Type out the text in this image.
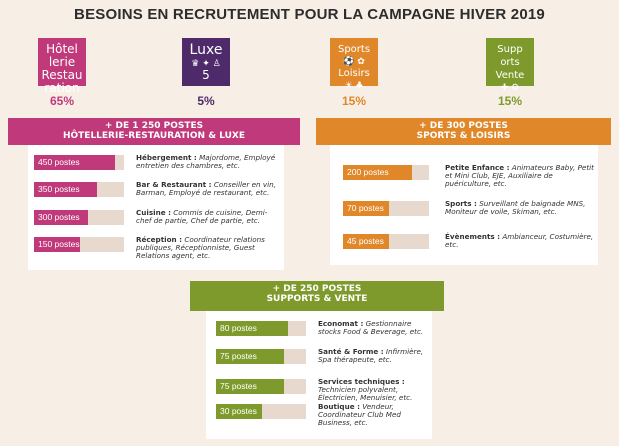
BESOINS EN RECRUTEMENT POUR LA CAMPAGNE HIVER 2019
Hôtel
lerie
Restau
ration
65%
Luxe
♛ ✦ ♙
5
5%
Sports
⚽ ✿
Loisirs
☀ ♣
15%
Supp
orts
Vente
✚ ⚙
15%
+ DE 1 250 POSTES
HÔTELLERIE-RESTAURATION & LUXE
450 postes	Hébergement : Majordome, Employé entretien des chambres, etc.
350 postes	Bar & Restaurant : Conseiller en vin, Barman, Employé de restaurant, etc.
300 postes	Cuisine : Commis de cuisine, Demi-chef de partie, Chef de partie, etc.
150 postes	Réception : Coordinateur relations publiques, Réceptionniste, Guest Relations agent, etc.
+ DE 300 POSTES
SPORTS & LOISIRS
200 postes	Petite Enfance : Animateurs Baby, Petit et Mini Club, EJE, Auxiliaire de puériculture, etc.
70 postes	Sports : Surveillant de baignade MNS, Moniteur de voile, Skiman, etc.
45 postes	Évènements : Ambianceur, Costumière, etc.
+ DE 250 POSTES
SUPPORTS & VENTE
80 postes	Economat : Gestionnaire stocks Food & Beverage, etc.
75 postes	Santé & Forme : Infirmière, Spa thérapeute, etc.
75 postes	Services techniques : Technicien polyvalent, Électricien, Menuisier, etc.
30 postes	Boutique : Vendeur, Coordinateur Club Med Business, etc.
